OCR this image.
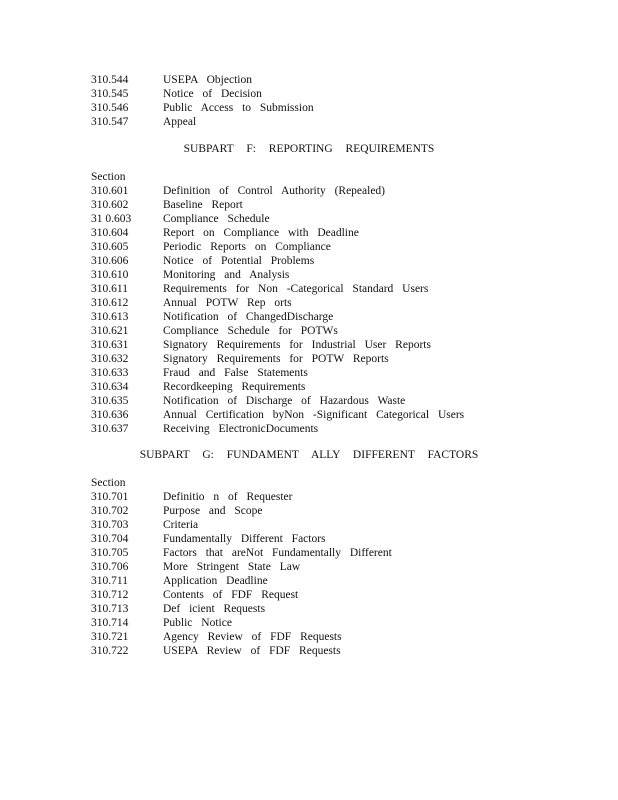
310.544	USEPA Objection
310.545	Notice of Decision
310.546	Public Access to Submission
310.547	Appeal
SUBPART F: REPORTING REQUIREMENTS
Section
310.601	Definition of Control Authority (Repealed)
310.602	Baseline Report
31 0.603	Compliance Schedule
310.604	Report on Compliance with Deadline
310.605	Periodic Reports on Compliance
310.606	Notice of Potential Problems
310.610	Monitoring and Analysis
310.611	Requirements for Non -Categorical Standard Users
310.612	Annual POTW Rep orts
310.613	Notification of ChangedDischarge
310.621	Compliance Schedule for POTWs
310.631	Signatory Requirements for Industrial User Reports
310.632	Signatory Requirements for POTW Reports
310.633	Fraud and False Statements
310.634	Recordkeeping Requirements
310.635	Notification of Discharge of Hazardous Waste
310.636	Annual Certification byNon -Significant Categorical Users
310.637	Receiving ElectronicDocuments
SUBPART G: FUNDAMENT ALLY DIFFERENT FACTORS
Section
310.701	Definitio n of Requester
310.702	Purpose and Scope
310.703	Criteria
310.704	Fundamentally Different Factors
310.705	Factors that areNot Fundamentally Different
310.706	More Stringent State Law
310.711	Application Deadline
310.712	Contents of FDF Request
310.713	Def icient Requests
310.714	Public Notice
310.721	Agency Review of FDF Requests
310.722	USEPA Review of FDF Requests
